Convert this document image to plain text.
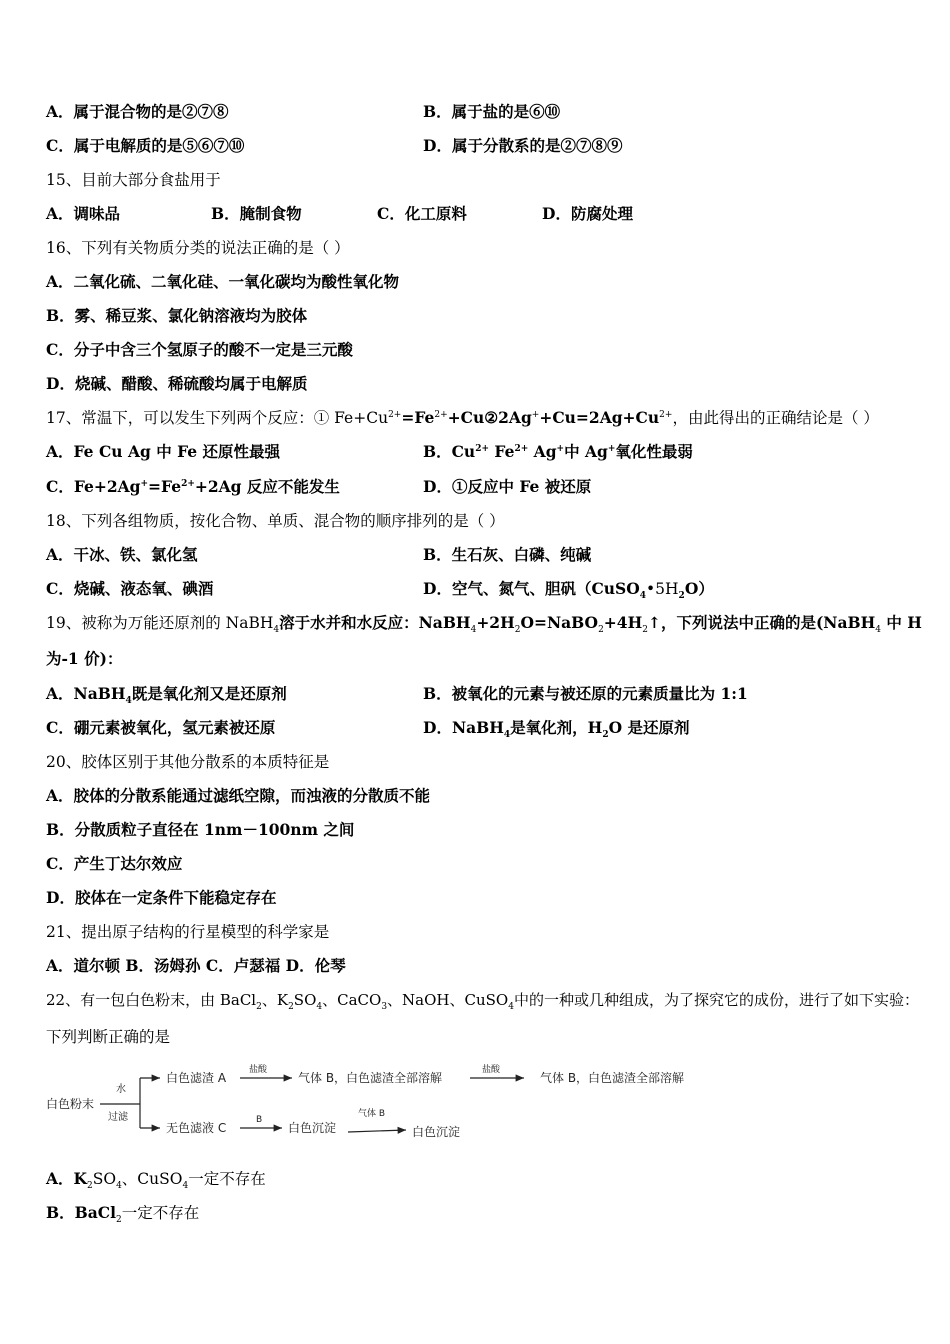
A．属于混合物的是②⑦⑧	B．属于盐的是⑥⑩
C．属于电解质的是⑤⑥⑦⑩	D．属于分散系的是②⑦⑧⑨
15、目前大部分食盐用于
A．调味品	B．腌制食物	C．化工原料	D．防腐处理
16、下列有关物质分类的说法正确的是（ ）
A．二氧化硫、二氧化硅、一氧化碳均为酸性氧化物
B．雾、稀豆浆、氯化钠溶液均为胶体
C．分子中含三个氢原子的酸不一定是三元酸
D．烧碱、醋酸、稀硫酸均属于电解质
17、常温下，可以发生下列两个反应：① $Fe+Cu^{2+}=Fe^{2+}+Cu②2Ag^++Cu=2Ag+Cu^{2+}$，由此得出的正确结论是（ ）
A．Fe Cu Ag 中 Fe 还原性最强	B．$Cu^{2+}$ $Fe^{2+}$ Ag+中 Ag+氧化性最弱
C．$Fe+2Ag^+=Fe^{2+}+2Ag$ 反应不能发生	D．①反应中 Fe 被还原
18、下列各组物质，按化合物、单质、混合物的顺序排列的是（ ）
A．干冰、铁、氯化氢	B．生石灰、白磷、纯碱
C．烧碱、液态氧、碘酒	D．空气、氮气、胆矾$(CuSO_4•5H_2O)$
19、被称为万能还原剂的 NaBH$_4$溶于水并和水反应：$NaBH_4+2H_2O=NaBO_2+4H_2↑$，下列说法中正确的是(NaBH$_4$ 中 H
为-1 价)：
A．NaBH$_4$既是氧化剂又是还原剂	B．被氧化的元素与被还原的元素质量比为 1:1
C．硼元素被氧化，氢元素被还原	D．NaBH$_4$是氧化剂，$H_2O$ 是还原剂
20、胶体区别于其他分散系的本质特征是
A．胶体的分散系能通过滤纸空隙，而浊液的分散质不能
B．分散质粒子直径在 1nm－100nm 之间
C．产生丁达尔效应
D．胶体在一定条件下能稳定存在
21、提出原子结构的行星模型的科学家是
A．道尔顿 B．汤姆孙 C．卢瑟福 D．伦琴
22、有一包白色粉末，由 BaCl$_2$、$K_2SO_4$、CaCO$_3$、NaOH、CuSO$_4$中的一种或几种组成，为了探究它的成份，进行了如下实验：
下列判断正确的是
白色粉末
水
过滤
白色滤渣 A
盐酸
气体 B，白色滤渣全部溶解
盐酸
气体 B，白色滤渣全部溶解
无色滤液 C
B
白色沉淀
气体 B
白色沉淀
A．$K_2SO_4$、CuSO$_4$一定不存在
B．BaCl$_2$一定不存在
